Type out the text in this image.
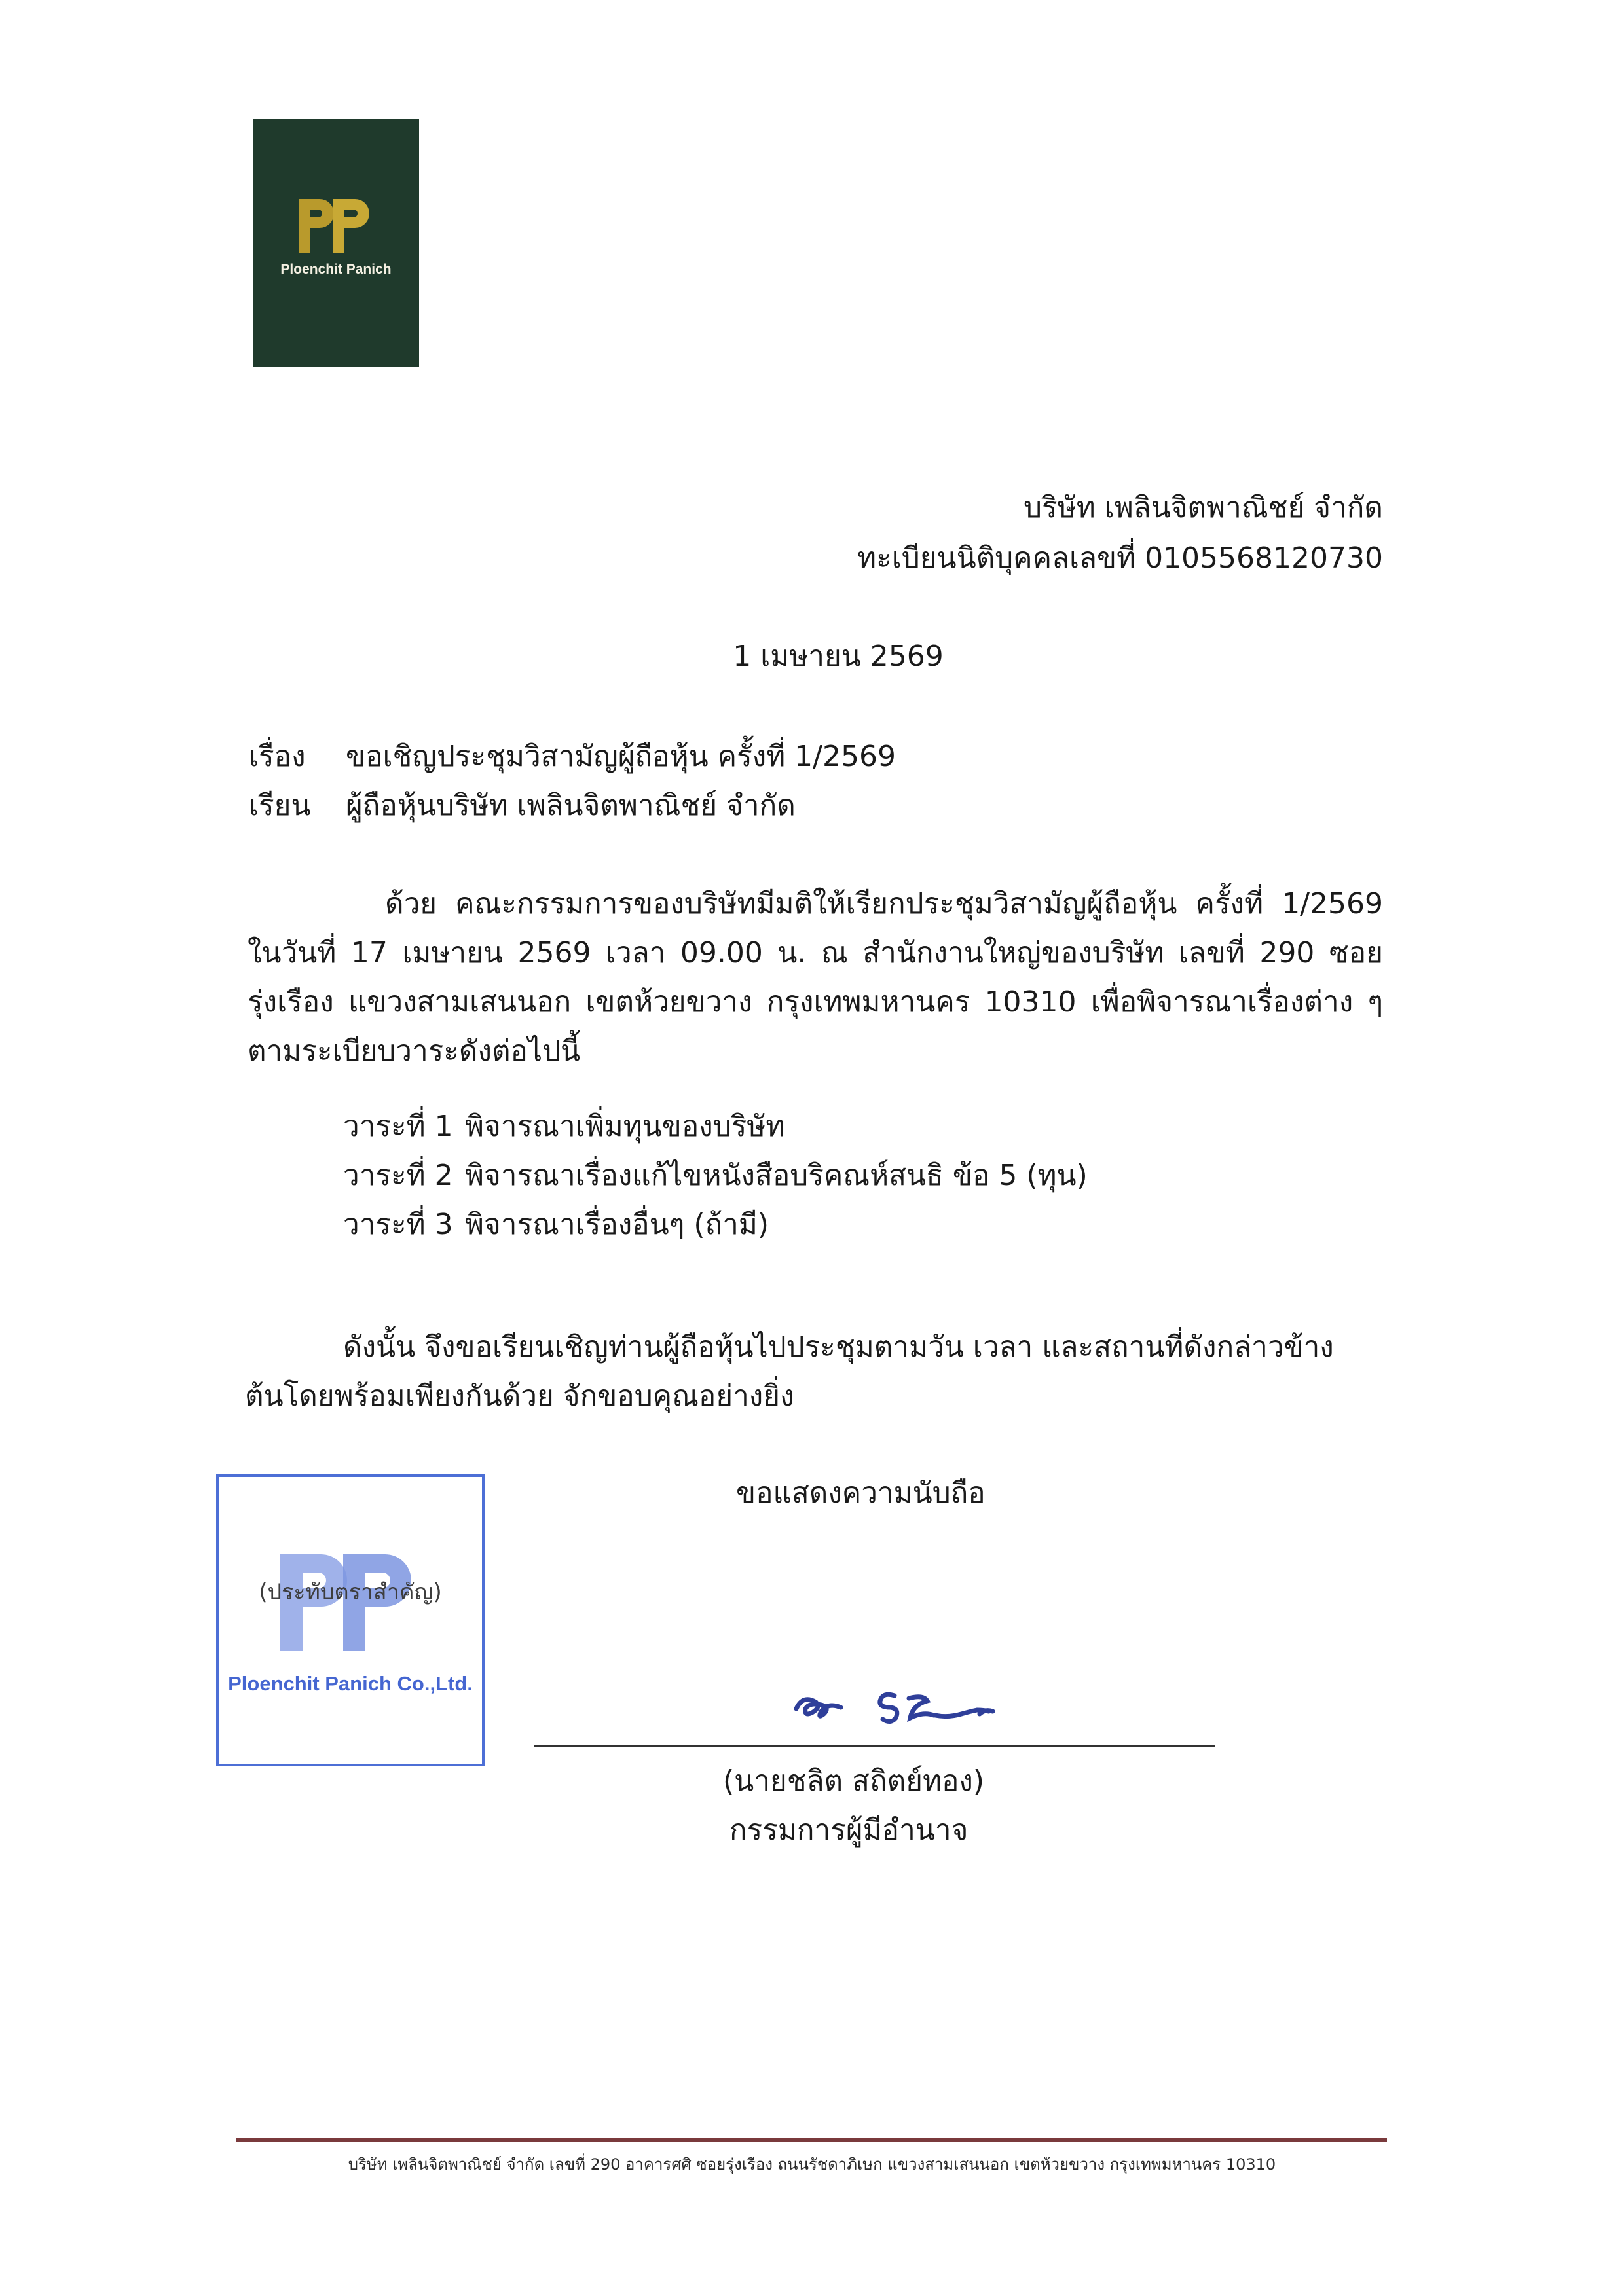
Ploenchit Panich
บริษัท เพลินจิตพาณิชย์ จำกัด
ทะเบียนนิติบุคคลเลขที่ 0105568120730
1 เมษายน 2569
เรื่อง ขอเชิญประชุมวิสามัญผู้ถือหุ้น ครั้งที่ 1/2569
เรียน ผู้ถือหุ้นบริษัท เพลินจิตพาณิชย์ จำกัด
ด้วย คณะกรรมการของบริษัทมีมติให้เรียกประชุมวิสามัญผู้ถือหุ้น ครั้งที่ 1/2569 ในวันที่ 17 เมษายน 2569 เวลา 09.00 น. ณ สำนักงานใหญ่ของบริษัท เลขที่ 290 ซอยรุ่งเรือง แขวงสามเสนนอก เขตห้วยขวาง กรุงเทพมหานคร 10310 เพื่อพิจารณาเรื่องต่าง ๆ ตามระเบียบวาระดังต่อไปนี้
วาระที่ 1 พิจารณาเพิ่มทุนของบริษัท
วาระที่ 2 พิจารณาเรื่องแก้ไขหนังสือบริคณห์สนธิ ข้อ 5 (ทุน)
วาระที่ 3 พิจารณาเรื่องอื่นๆ (ถ้ามี)
ดังนั้น จึงขอเรียนเชิญท่านผู้ถือหุ้นไปประชุมตามวัน เวลา และสถานที่ดังกล่าวข้างต้นโดยพร้อมเพียงกันด้วย จักขอบคุณอย่างยิ่ง
ขอแสดงความนับถือ
(ประทับตราสำคัญ)
Ploenchit Panich Co.,Ltd.
(นายชลิต สถิตย์ทอง)
กรรมการผู้มีอำนาจ
บริษัท เพลินจิตพาณิชย์ จำกัด เลขที่ 290 อาคารศศิ ซอยรุ่งเรือง ถนนรัชดาภิเษก แขวงสามเสนนอก เขตห้วยขวาง กรุงเทพมหานคร 10310
